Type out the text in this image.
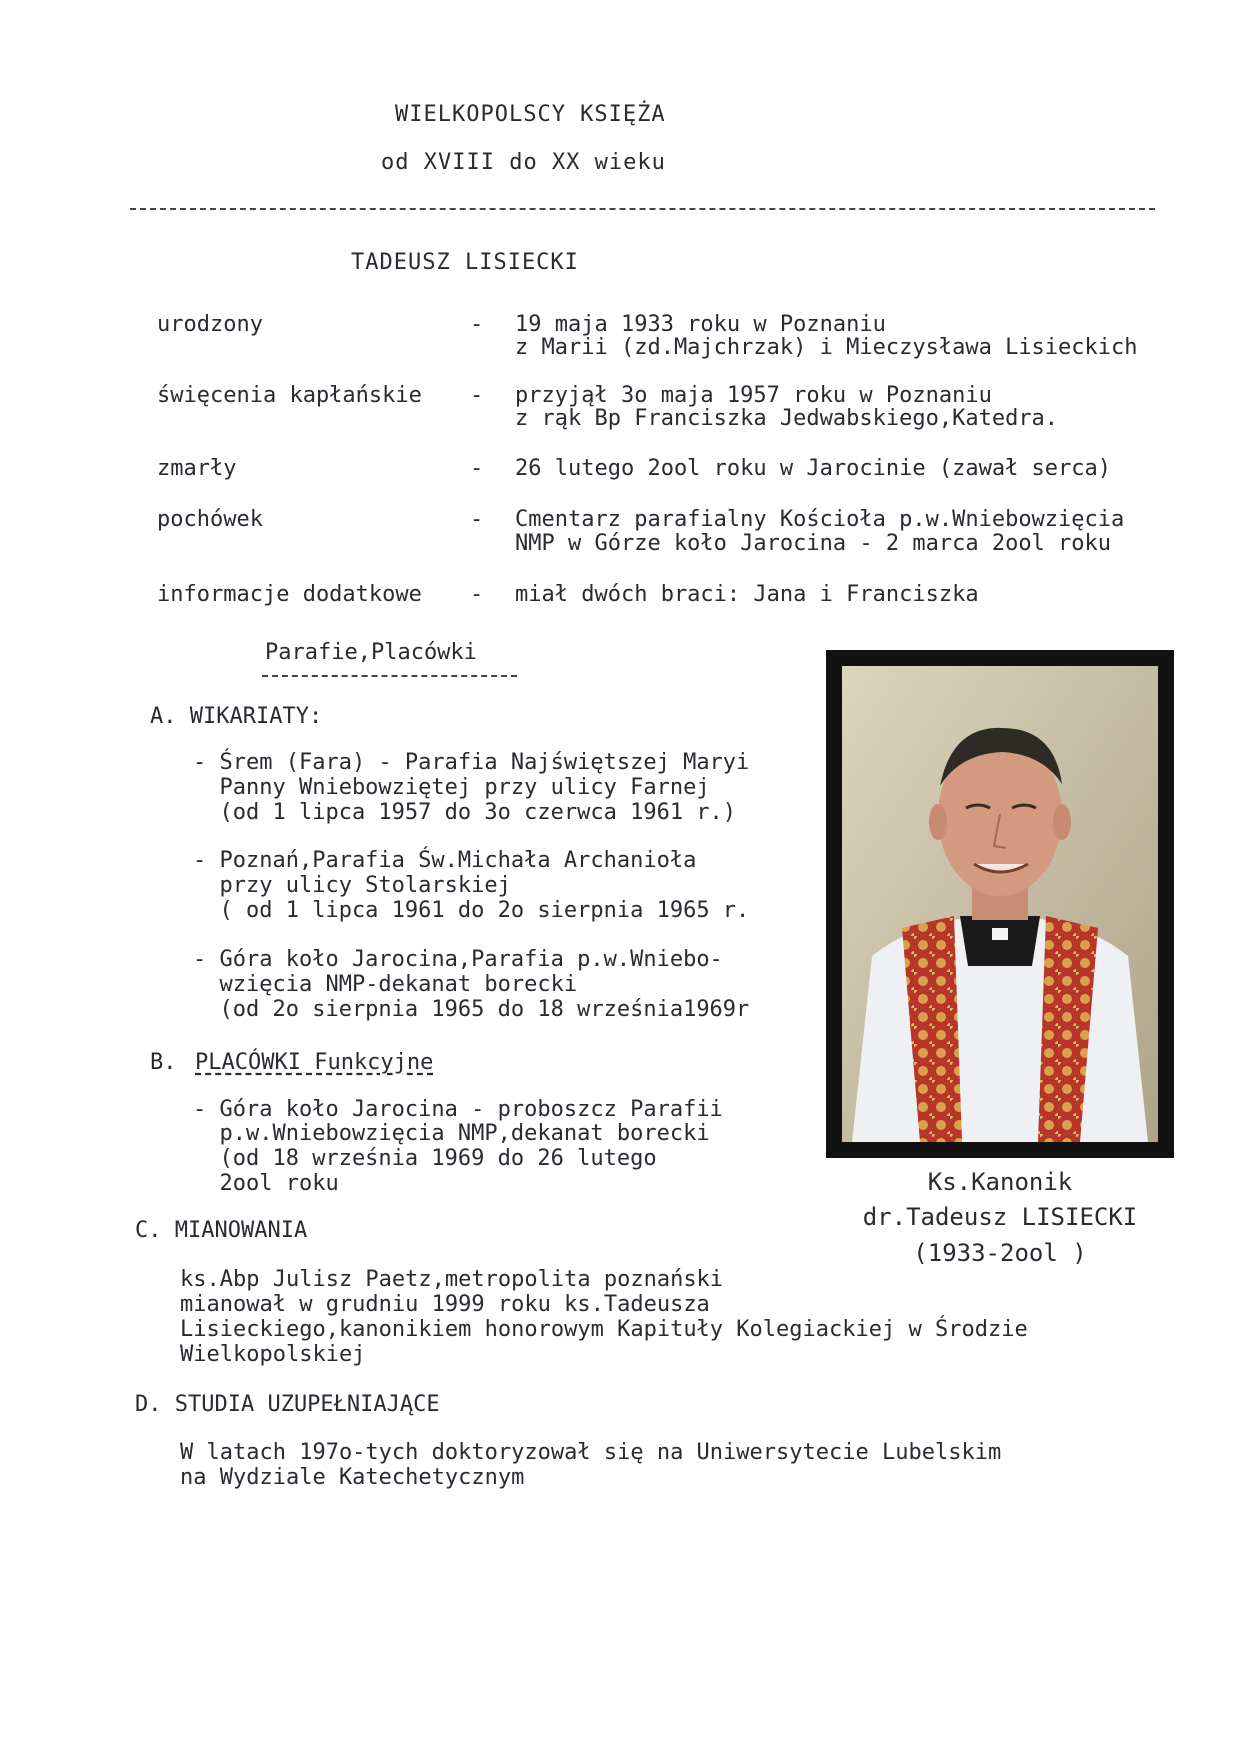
WIELKOPOLSCY KSIĘŻA
od XVIII do XX wieku
TADEUSZ LISIECKI
urodzony	- 19 maja 1933 roku w Poznaniu
z Marii (zd.Majchrzak) i Mieczysława Lisieckich
święcenia kapłańskie - przyjął 3o maja 1957 roku w Poznaniu
z rąk Bp Franciszka Jedwabskiego,Katedra.
zmarły	- 26 lutego 2ool roku w Jarocinie (zawał serca)
pochówek	- Cmentarz parafialny Kościoła p.w.Wniebowzięcia
NMP w Górze koło Jarocina - 2 marca 2ool roku
informacje dodatkowe - miał dwóch braci: Jana i Franciszka
Parafie,Placówki
A. WIKARIATY:
- Śrem (Fara) - Parafia Najświętszej Maryi
Panny Wniebowziętej przy ulicy Farnej
(od 1 lipca 1957 do 3o czerwca 1961 r.)
- Poznań,Parafia Św.Michała Archanioła
przy ulicy Stolarskiej
( od 1 lipca 1961 do 2o sierpnia 1965 r.
- Góra koło Jarocina,Parafia p.w.Wniebo-
wzięcia NMP-dekanat borecki
(od 2o sierpnia 1965 do 18 września1969r
B. PLACÓWKI Funkcyjne
- Góra koło Jarocina - proboszcz Parafii
p.w.Wniebowzięcia NMP,dekanat borecki
(od 18 września 1969 do 26 lutego
2ool roku
C. MIANOWANIA
ks.Abp Julisz Paetz,metropolita poznański
mianował w grudniu 1999 roku ks.Tadeusza
Lisieckiego,kanonikiem honorowym Kapituły Kolegiackiej w Środzie
Wielkopolskiej
D. STUDIA UZUPEŁNIAJĄCE
W latach 197o-tych doktoryzował się na Uniwersytecie Lubelskim
na Wydziale Katechetycznym
Ks.Kanonik
dr.Tadeusz LISIECKI
(1933-2ool )
